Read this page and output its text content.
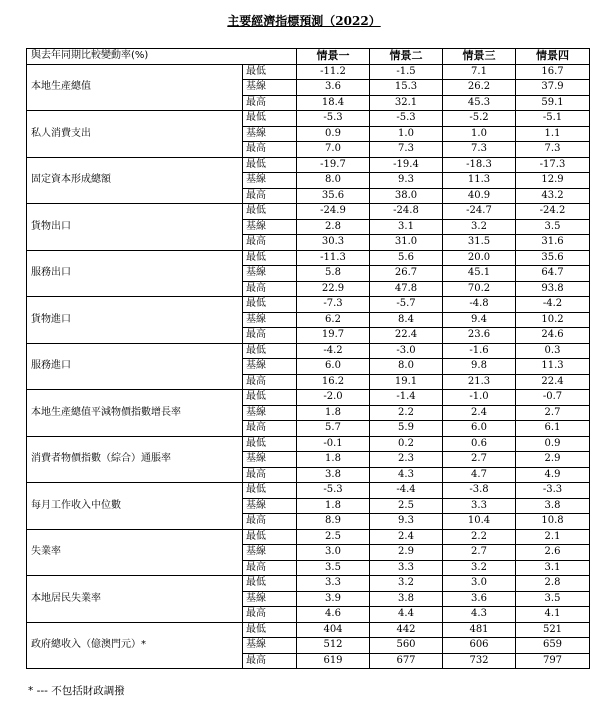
主要經濟指標預測（2022）
與去年同期比較變動率(%)		情景一	情景二	情景三	情景四
本地生產總值	最低	-11.2	-1.5	7.1	16.7
	基線	3.6	15.3	26.2	37.9
	最高	18.4	32.1	45.3	59.1
私人消費支出	最低	-5.3	-5.3	-5.2	-5.1
	基線	0.9	1.0	1.0	1.1
	最高	7.0	7.3	7.3	7.3
固定資本形成總額	最低	-19.7	-19.4	-18.3	-17.3
	基線	8.0	9.3	11.3	12.9
	最高	35.6	38.0	40.9	43.2
貨物出口	最低	-24.9	-24.8	-24.7	-24.2
	基線	2.8	3.1	3.2	3.5
	最高	30.3	31.0	31.5	31.6
服務出口	最低	-11.3	5.6	20.0	35.6
	基線	5.8	26.7	45.1	64.7
	最高	22.9	47.8	70.2	93.8
貨物進口	最低	-7.3	-5.7	-4.8	-4.2
	基線	6.2	8.4	9.4	10.2
	最高	19.7	22.4	23.6	24.6
服務進口	最低	-4.2	-3.0	-1.6	0.3
	基線	6.0	8.0	9.8	11.3
	最高	16.2	19.1	21.3	22.4
本地生產總值平減物價指數增長率	最低	-2.0	-1.4	-1.0	-0.7
	基線	1.8	2.2	2.4	2.7
	最高	5.7	5.9	6.0	6.1
消費者物價指數（綜合）通脹率	最低	-0.1	0.2	0.6	0.9
	基線	1.8	2.3	2.7	2.9
	最高	3.8	4.3	4.7	4.9
每月工作收入中位數	最低	-5.3	-4.4	-3.8	-3.3
	基線	1.8	2.5	3.3	3.8
	最高	8.9	9.3	10.4	10.8
失業率	最低	2.5	2.4	2.2	2.1
	基線	3.0	2.9	2.7	2.6
	最高	3.5	3.3	3.2	3.1
本地居民失業率	最低	3.3	3.2	3.0	2.8
	基線	3.9	3.8	3.6	3.5
	最高	4.6	4.4	4.3	4.1
政府總收入（億澳門元）*	最低	404	442	481	521
	基線	512	560	606	659
	最高	619	677	732	797
* --- 不包括財政調撥
